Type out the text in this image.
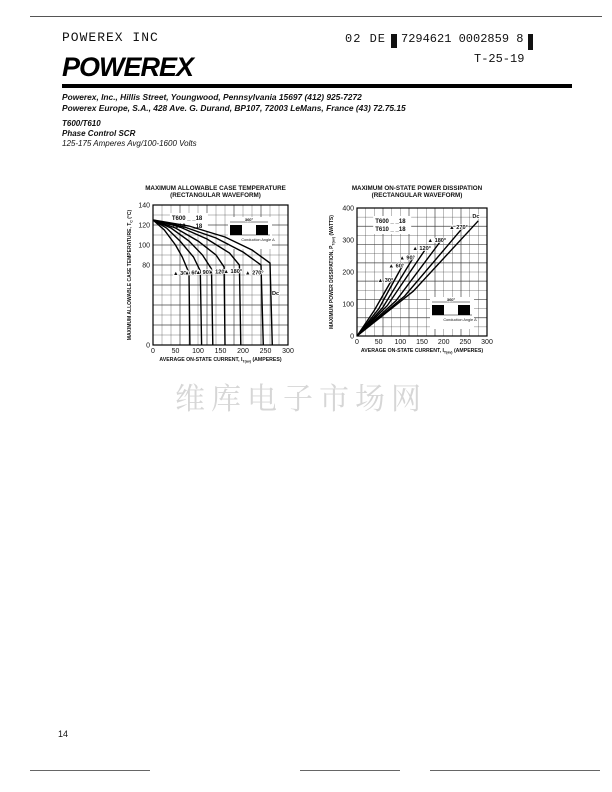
POWEREX INC	02 DE 7294621 0002859 8
T-25-19
POWEREX
Powerex, Inc., Hillis Street, Youngwood, Pennsylvania 15697 (412) 925-7272
Powerex Europe, S.A., 428 Ave. G. Durand, BP107, 72003 LeMans, France (43) 72.75.15
T600/T610
Phase Control SCR
125-175 Amperes Avg/100-1600 Volts
MAXIMUM ALLOWABLE CASE TEMPERATURE
(RECTANGULAR WAVEFORM)
0 50 100 150 200 250 300
0
80
100
120
140
AVERAGE ON-STATE CURRENT, $I_{T(av)}$ (AMPERES)
MAXIMUM ALLOWABLE CASE TEMPERATURE, $T_C$ (°C)	T600 _ _18
T610 _ _18
360°
Conduction Angle Δ
▲ 30°
▲ 60°
▲ 90°
▲ 120°
▲ 180° ▲ 270°
Dc
MAXIMUM ON-STATE POWER DISSIPATION
(RECTANGULAR WAVEFORM)
0 50 100 150 200 250 300
0
100
200
300
400
AVERAGE ON-STATE CURRENT, $I_{T(av)}$ (AMPERES)
MAXIMUM POWER DISSIPATION, $P_{T(av)}$ (WATTS)	T600 _ _18
T610 _ _18
360°
Conduction Angle Δ
▲ 30°
▲ 60°
▲ 90°
▲ 120°
▲ 180°
▲ 270°
Dc
维库电子市场网
14
